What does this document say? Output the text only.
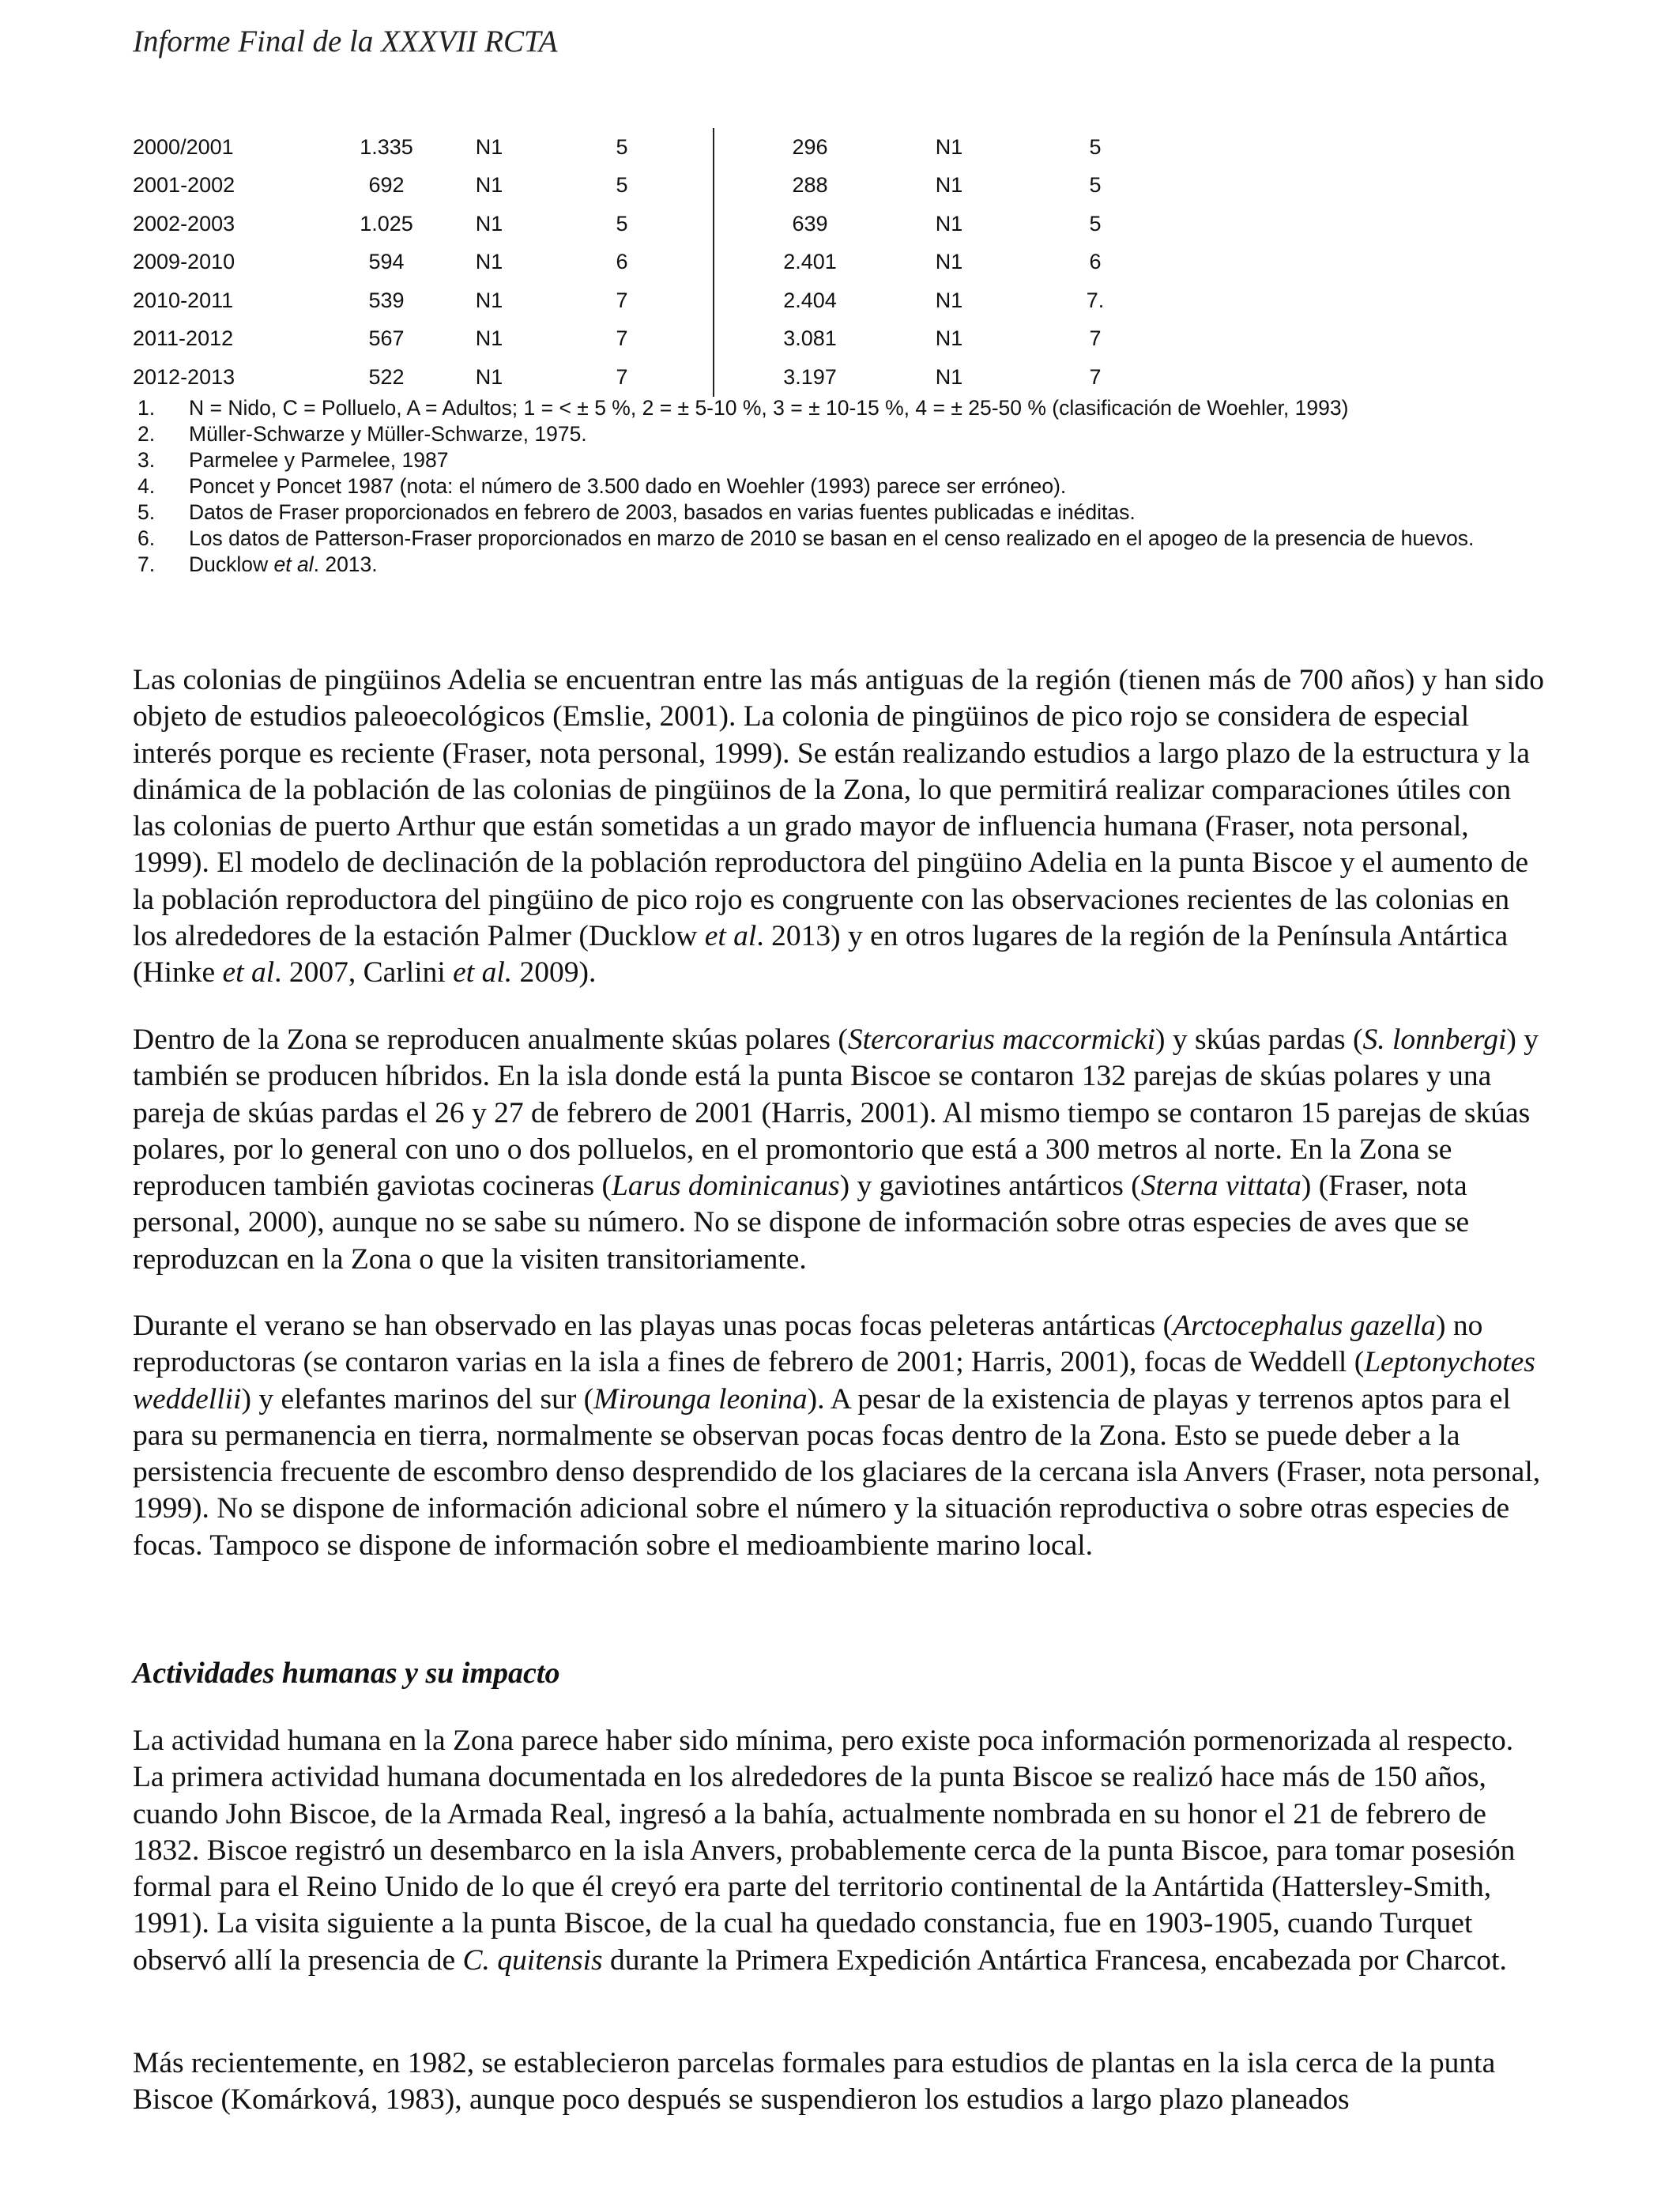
Informe Final de la XXXVII RCTA
2000/2001	1.335	N1	5	296	N1	5
2001-2002	692	N1	5	288	N1	5
2002-2003	1.025	N1	5	639	N1	5
2009-2010	594	N1	6	2.401	N1	6
2010-2011	539	N1	7	2.404	N1	7.
2011-2012	567	N1	7	3.081	N1	7
2012-2013	522	N1	7	3.197	N1	7
1. N = Nido, C = Polluelo, A = Adultos; 1 = < ± 5 %, 2 = ± 5-10 %, 3 = ± 10-15 %, 4 = ± 25-50 % (clasificación de Woehler, 1993)
2. Müller-Schwarze y Müller-Schwarze, 1975.
3. Parmelee y Parmelee, 1987
4. Poncet y Poncet 1987 (nota: el número de 3.500 dado en Woehler (1993) parece ser erróneo).
5. Datos de Fraser proporcionados en febrero de 2003, basados en varias fuentes publicadas e inéditas.
6. Los datos de Patterson-Fraser proporcionados en marzo de 2010 se basan en el censo realizado en el apogeo de la presencia de huevos.
7. Ducklow et al. 2013.

Las colonias de pingüinos Adelia se encuentran entre las más antiguas de la región (tienen más de 700 años) y han sido objeto de estudios paleoecológicos (Emslie, 2001). La colonia de pingüinos de pico rojo se considera de especial interés porque es reciente (Fraser, nota personal, 1999). Se están realizando estudios a largo plazo de la estructura y la dinámica de la población de las colonias de pingüinos de la Zona, lo que permitirá realizar comparaciones útiles con las colonias de puerto Arthur que están sometidas a un grado mayor de influencia humana (Fraser, nota personal, 1999). El modelo de declinación de la población reproductora del pingüino Adelia en la punta Biscoe y el aumento de la población reproductora del pingüino de pico rojo es congruente con las observaciones recientes de las colonias en los alrededores de la estación Palmer (Ducklow et al. 2013) y en otros lugares de la región de la Península Antártica (Hinke et al. 2007, Carlini et al. 2009).

Dentro de la Zona se reproducen anualmente skúas polares (Stercorarius maccormicki) y skúas pardas (S. lonnbergi) y también se producen híbridos. En la isla donde está la punta Biscoe se contaron 132 parejas de skúas polares y una pareja de skúas pardas el 26 y 27 de febrero de 2001 (Harris, 2001). Al mismo tiempo se contaron 15 parejas de skúas polares, por lo general con uno o dos polluelos, en el promontorio que está a 300 metros al norte. En la Zona se reproducen también gaviotas cocineras (Larus dominicanus) y gaviotines antárticos (Sterna vittata) (Fraser, nota personal, 2000), aunque no se sabe su número. No se dispone de información sobre otras especies de aves que se reproduzcan en la Zona o que la visiten transitoriamente.

Durante el verano se han observado en las playas unas pocas focas peleteras antárticas (Arctocephalus gazella) no reproductoras (se contaron varias en la isla a fines de febrero de 2001; Harris, 2001), focas de Weddell (Leptonychotes weddellii) y elefantes marinos del sur (Mirounga leonina). A pesar de la existencia de playas y terrenos aptos para el para su permanencia en tierra, normalmente se observan pocas focas dentro de la Zona. Esto se puede deber a la persistencia frecuente de escombro denso desprendido de los glaciares de la cercana isla Anvers (Fraser, nota personal, 1999). No se dispone de información adicional sobre el número y la situación reproductiva o sobre otras especies de focas. Tampoco se dispone de información sobre el medioambiente marino local.

Actividades humanas y su impacto

La actividad humana en la Zona parece haber sido mínima, pero existe poca información pormenorizada al respecto. La primera actividad humana documentada en los alrededores de la punta Biscoe se realizó hace más de 150 años, cuando John Biscoe, de la Armada Real, ingresó a la bahía, actualmente nombrada en su honor el 21 de febrero de 1832. Biscoe registró un desembarco en la isla Anvers, probablemente cerca de la punta Biscoe, para tomar posesión formal para el Reino Unido de lo que él creyó era parte del territorio continental de la Antártida (Hattersley-Smith, 1991). La visita siguiente a la punta Biscoe, de la cual ha quedado constancia, fue en 1903-1905, cuando Turquet observó allí la presencia de C. quitensis durante la Primera Expedición Antártica Francesa, encabezada por Charcot.

Más recientemente, en 1982, se establecieron parcelas formales para estudios de plantas en la isla cerca de la punta Biscoe (Komárková, 1983), aunque poco después se suspendieron los estudios a largo plazo planeados
